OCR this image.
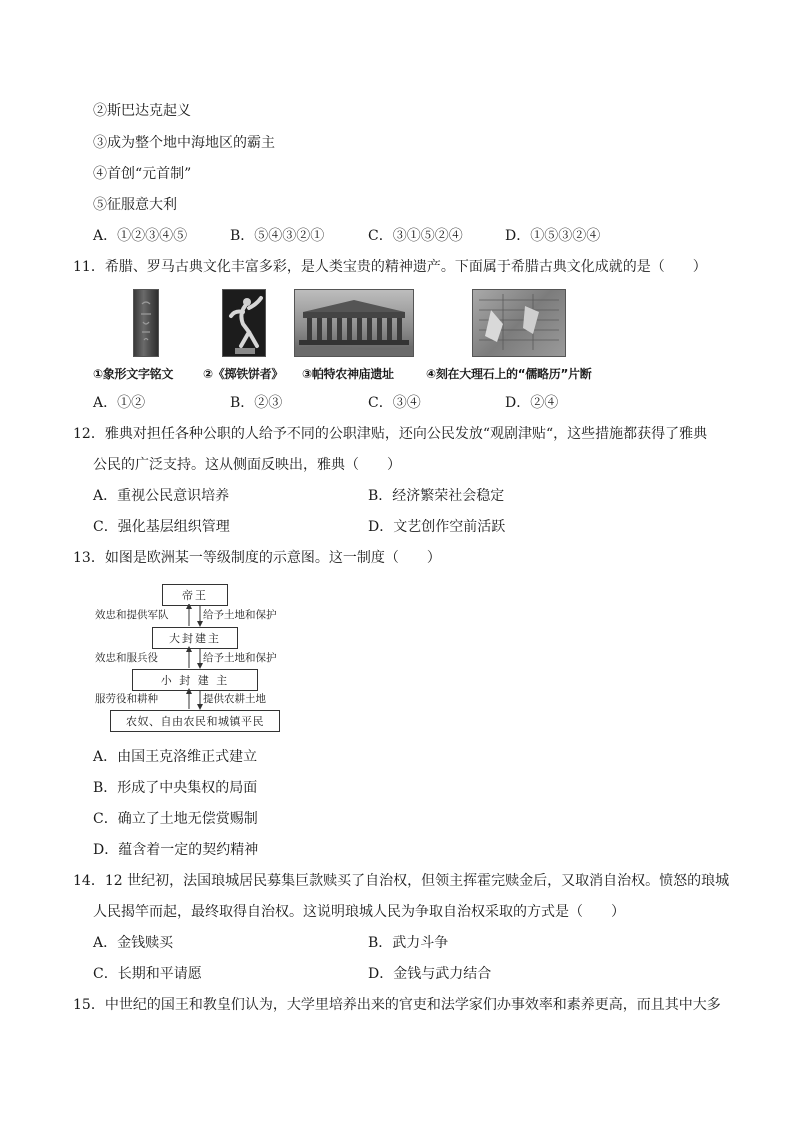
②斯巴达克起义
③成为整个地中海地区的霸主
④首创“元首制”
⑤征服意大利
A．①②③④⑤	B．⑤④③②①	C．③①⑤②④	D．①⑤③②④
11．希腊、罗马古典文化丰富多彩，是人类宝贵的精神遗产。下面属于希腊古典文化成就的是（　　）
①象形文字铭文 ②《掷铁饼者》 ③帕特农神庙遗址	④刻在大理石上的“儒略历”片断
A．①②	B．②③	C．③④	D．②④
12．雅典对担任各种公职的人给予不同的公职津贴，还向公民发放“观剧津贴“，这些措施都获得了雅典
公民的广泛支持。这从侧面反映出，雅典（　　）
A．重视公民意识培养	B．经济繁荣社会稳定
C．强化基层组织管理	D．文艺创作空前活跃
13．如图是欧洲某一等级制度的示意图。这一制度（　　）
帝王
大封建主
小 封 建 主
农奴、自由农民和城镇平民
效忠和提供军队
效忠和服兵役
服劳役和耕种
给予土地和保护
给予土地和保护
提供农耕土地
A．由国王克洛维正式建立
B．形成了中央集权的局面
C．确立了土地无偿赏赐制
D．蕴含着一定的契约精神
14．12 世纪初，法国琅城居民募集巨款赎买了自治权，但领主挥霍完赎金后，又取消自治权。愤怒的琅城
人民揭竿而起，最终取得自治权。这说明琅城人民为争取自治权采取的方式是（　　）
A．金钱赎买	B．武力斗争
C．长期和平请愿	D．金钱与武力结合
15．中世纪的国王和教皇们认为，大学里培养出来的官吏和法学家们办事效率和素养更高，而且其中大多
